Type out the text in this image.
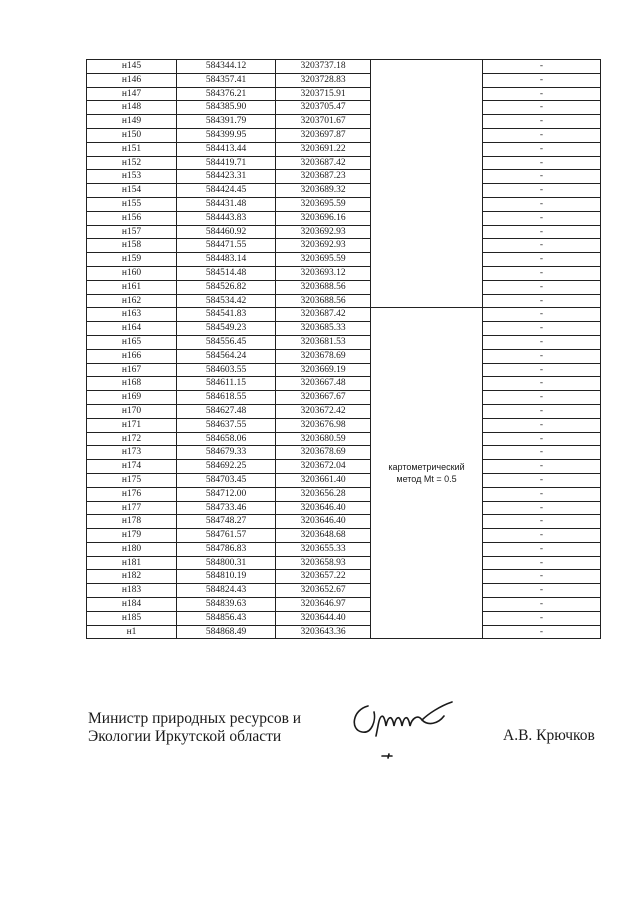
н145	584344.12	3203737.18		-
н146	584357.41	3203728.83		-
н147	584376.21	3203715.91		-
н148	584385.90	3203705.47		-
н149	584391.79	3203701.67		-
н150	584399.95	3203697.87		-
н151	584413.44	3203691.22		-
н152	584419.71	3203687.42		-
н153	584423.31	3203687.23		-
н154	584424.45	3203689.32		-
н155	584431.48	3203695.59		-
н156	584443.83	3203696.16		-
н157	584460.92	3203692.93		-
н158	584471.55	3203692.93		-
н159	584483.14	3203695.59		-
н160	584514.48	3203693.12		-
н161	584526.82	3203688.56		-
н162	584534.42	3203688.56		-
н163	584541.83	3203687.42	картометрический метод Mt = 0.5	-
н164	584549.23	3203685.33		-
н165	584556.45	3203681.53		-
н166	584564.24	3203678.69		-
н167	584603.55	3203669.19		-
н168	584611.15	3203667.48		-
н169	584618.55	3203667.67		-
н170	584627.48	3203672.42		-
н171	584637.55	3203676.98		-
н172	584658.06	3203680.59		-
н173	584679.33	3203678.69		-
н174	584692.25	3203672.04		-
н175	584703.45	3203661.40		-
н176	584712.00	3203656.28		-
н177	584733.46	3203646.40		-
н178	584748.27	3203646.40		-
н179	584761.57	3203648.68		-
н180	584786.83	3203655.33		-
н181	584800.31	3203658.93		-
н182	584810.19	3203657.22		-
н183	584824.43	3203652.67		-
н184	584839.63	3203646.97		-
н185	584856.43	3203644.40		-
н1	584868.49	3203643.36		-
Министр природных ресурсов и
Экологии Иркутской области	А.В. Крючков
